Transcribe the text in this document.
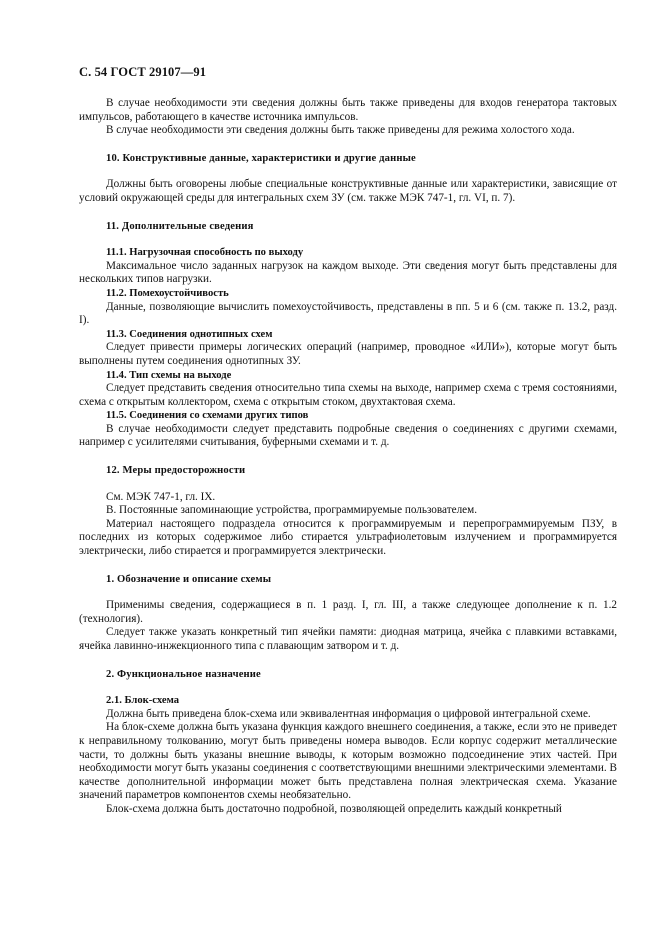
С. 54 ГОСТ 29107—91

В случае необходимости эти сведения должны быть также приведены для входов генератора тактовых импульсов, работающего в качестве источника импульсов.

В случае необходимости эти сведения должны быть также приведены для режима холостого хода.

10. Конструктивные данные, характеристики и другие данные

Должны быть оговорены любые специальные конструктивные данные или характеристики, зависящие от условий окружающей среды для интегральных схем ЗУ (см. также МЭК 747-1, гл. VI, п. 7).

11. Дополнительные сведения

11.1. Нагрузочная способность по выходу

Максимальное число заданных нагрузок на каждом выходе. Эти сведения могут быть представлены для нескольких типов нагрузки.

11.2. Помехоустойчивость

Данные, позволяющие вычислить помехоустойчивость, представлены в пп. 5 и 6 (см. также п. 13.2, разд. I).

11.3. Соединения однотипных схем

Следует привести примеры логических операций (например, проводное «ИЛИ»), которые могут быть выполнены путем соединения однотипных ЗУ.

11.4. Тип схемы на выходе

Следует представить сведения относительно типа схемы на выходе, например схема с тремя состояниями, схема с открытым коллектором, схема с открытым стоком, двухтактовая схема.

11.5. Соединения со схемами других типов

В случае необходимости следует представить подробные сведения о соединениях с другими схемами, например с усилителями считывания, буферными схемами и т. д.

12. Меры предосторожности

См. МЭК 747-1, гл. IX.

В. Постоянные запоминающие устройства, программируемые пользователем.

Материал настоящего подраздела относится к программируемым и перепрограммируемым ПЗУ, в последних из которых содержимое либо стирается ультрафиолетовым излучением и программируется электрически, либо стирается и программируется электрически.

1. Обозначение и описание схемы

Применимы сведения, содержащиеся в п. 1 разд. I, гл. III, а также следующее дополнение к п. 1.2 (технология).

Следует также указать конкретный тип ячейки памяти: диодная матрица, ячейка с плавкими вставками, ячейка лавинно-инжекционного типа с плавающим затвором и т. д.

2. Функциональное назначение

2.1. Блок-схема

Должна быть приведена блок-схема или эквивалентная информация о цифровой интегральной схеме.

На блок-схеме должна быть указана функция каждого внешнего соединения, а также, если это не приведет к неправильному толкованию, могут быть приведены номера выводов. Если корпус содержит металлические части, то должны быть указаны внешние выводы, к которым возможно подсоединение этих частей. При необходимости могут быть указаны соединения с соответствующими внешними электрическими элементами. В качестве дополнительной информации может быть представлена полная электрическая схема. Указание значений параметров компонентов схемы необязательно.

Блок-схема должна быть достаточно подробной, позволяющей определить каждый конкретный
